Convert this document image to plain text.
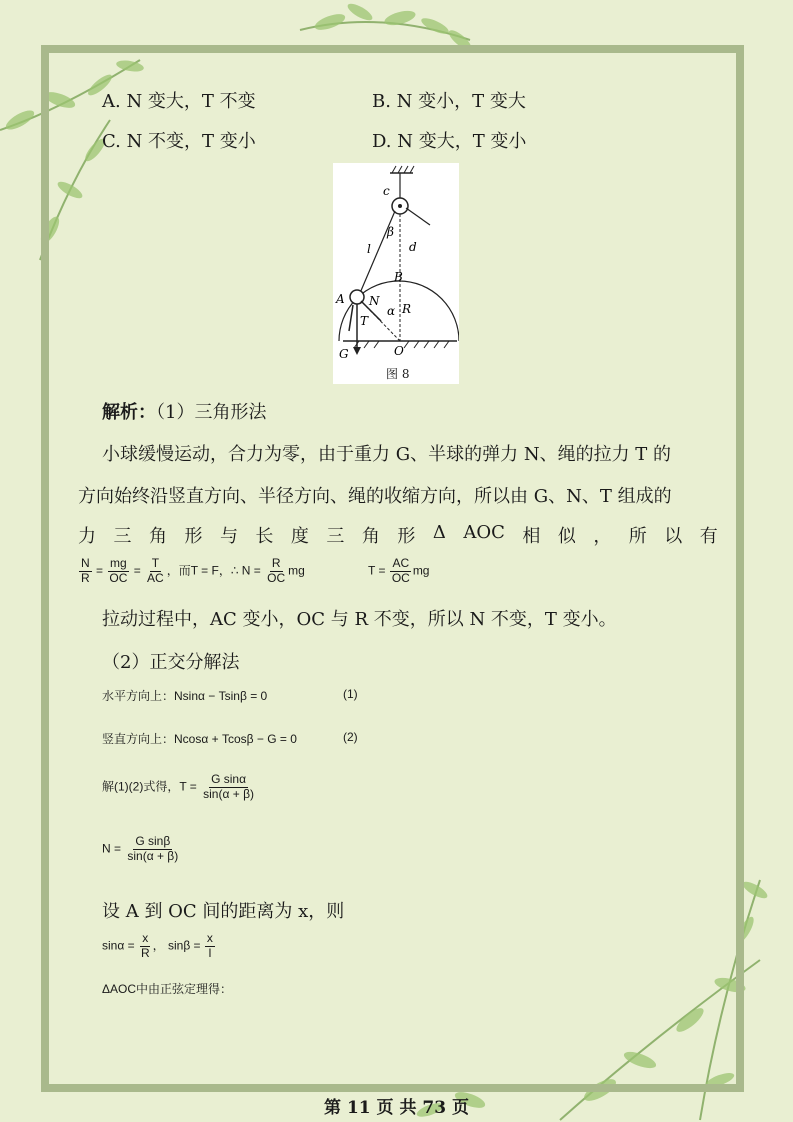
A. N 变大，T 不变	B. N 变小，T 变大
C. N 不变，T 变小	D. N 变大，T 变小
c
β
l	d
B
A N
T
α R
G	O
图 8
解析：（1）三角形法
小球缓慢运动，合力为零，由于重力 G、半球的弹力 N、绳的拉力 T 的
方向始终沿竖直方向、半径方向、绳的收缩方向，所以由 G、N、T 组成的
力 三 角 形 与 长 度 三 角 形 Δ AOC 相 似 ， 所 以 有
$\frac{N}{R} = \frac{mg}{OC} = \frac{T}{AC}$ ，而T = F，∴ $N = \frac{R}{OC}$ mg	$T = \frac{AC}{OC}$ mg
拉动过程中，AC 变小，OC 与 R 不变，所以 N 不变，T 变小。
（2）正交分解法
水平方向上：Nsinα − Tsinβ = 0	(1)
竖直方向上：Ncosα + Tcosβ − G = 0	(2)
解(1)(2)式得，$T = \frac{\text{G sinα}}{\sin(\alpha + \beta)}$
$N = \frac{\text{G sinβ}}{\sin(\alpha + \beta)}$
设 A 到 OC 间的距离为 x，则
$\sin\alpha = \frac{x}{R}$ ， $\sin\beta = \frac{x}{l}$
ΔAOC中由正弦定理得：
第 11 页 共 73 页
